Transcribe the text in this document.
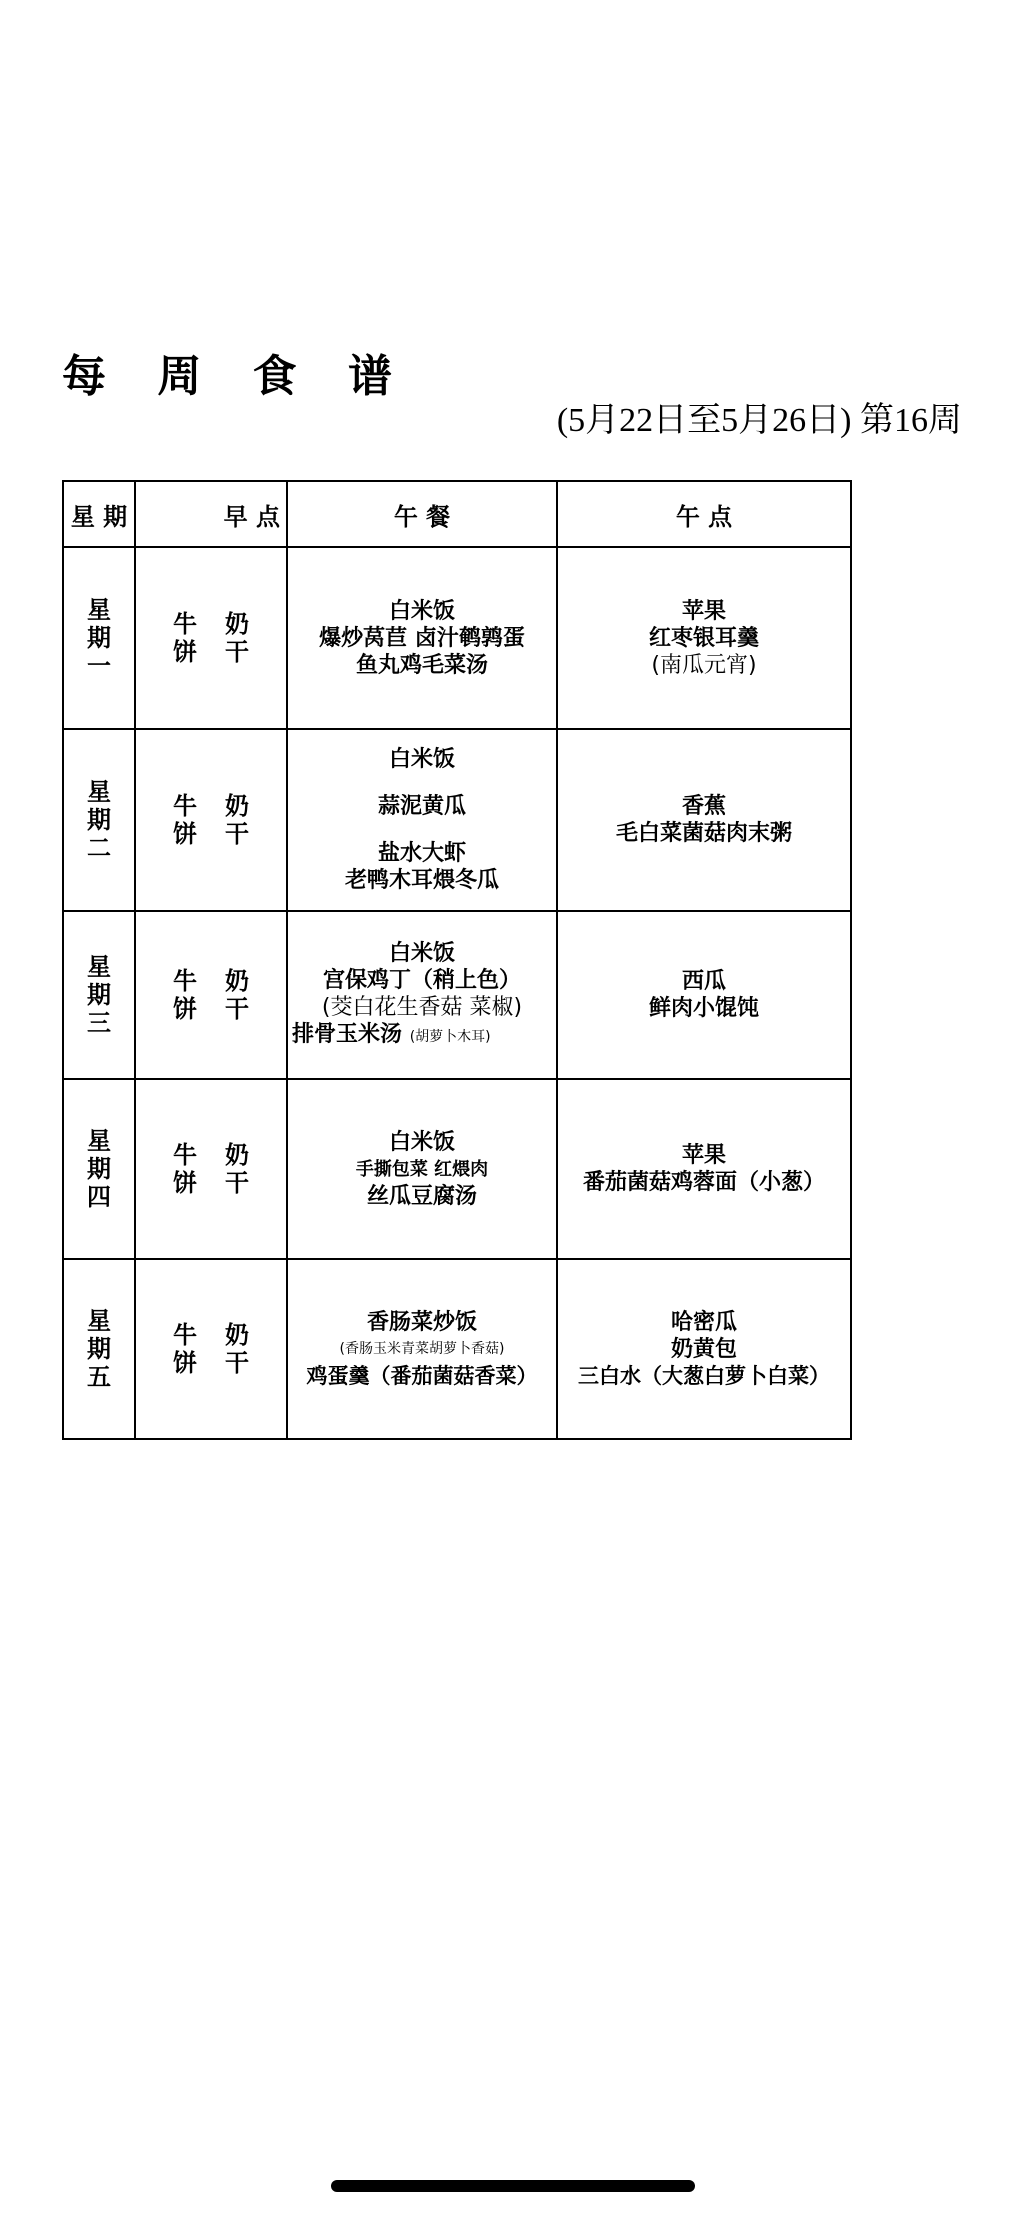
每 周 食 谱
(5月22日至5月26日) 第16周
星 期	早 点	午 餐	午 点

星
期
一	牛奶
饼干	白米饭
爆炒莴苣 卤汁鹌鹑蛋
鱼丸鸡毛菜汤	苹果
红枣银耳羹
(南瓜元宵)

星
期
二	牛奶
饼干	白米饭
蒜泥黄瓜
盐水大虾
老鸭木耳煨冬瓜	香蕉
毛白菜菌菇肉末粥

星
期
三	牛奶
饼干	白米饭
宫保鸡丁（稍上色）
(茭白花生香菇 菜椒)
排骨玉米汤 (胡萝卜木耳)	西瓜
鲜肉小馄饨

星
期
四	牛奶
饼干	白米饭
手撕包菜 红煨肉
丝瓜豆腐汤	苹果
番茄菌菇鸡蓉面（小葱）

星
期
五	牛奶
饼干	香肠菜炒饭
(香肠玉米青菜胡萝卜香菇)
鸡蛋羹（番茄菌菇香菜）	哈密瓜
奶黄包
三白水（大葱白萝卜白菜）
